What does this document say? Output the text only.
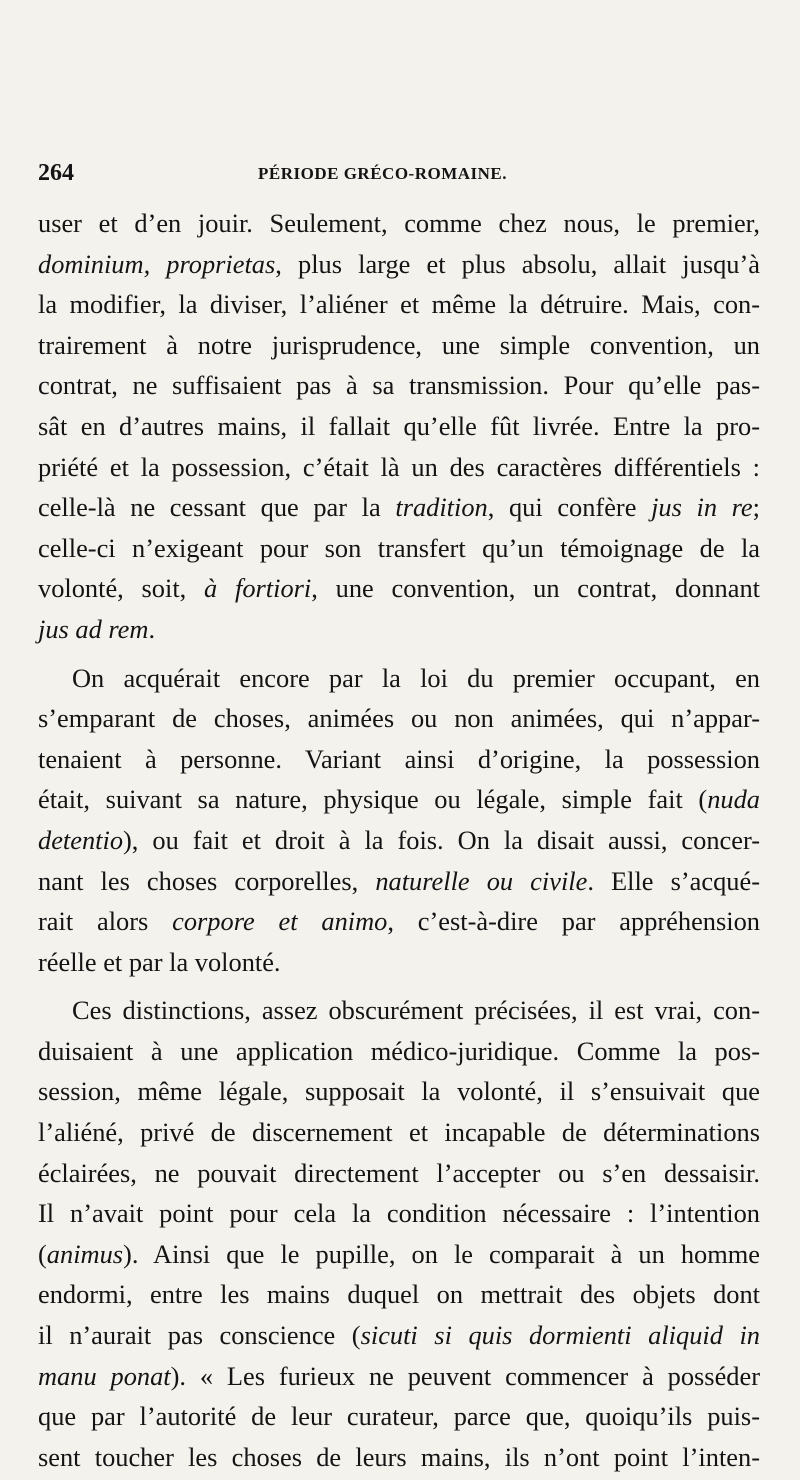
264	PÉRIODE GRÉCO-ROMAINE.
user et d’en jouir. Seulement, comme chez nous, le premier,
dominium, proprietas, plus large et plus absolu, allait jusqu’à
la modifier, la diviser, l’aliéner et même la détruire. Mais, con-
trairement à notre jurisprudence, une simple convention, un
contrat, ne suffisaient pas à sa transmission. Pour qu’elle pas-
sât en d’autres mains, il fallait qu’elle fût livrée. Entre la pro-
priété et la possession, c’était là un des caractères différentiels :
celle-là ne cessant que par la tradition, qui confère jus in re;
celle-ci n’exigeant pour son transfert qu’un témoignage de la
volonté, soit, à fortiori, une convention, un contrat, donnant
jus ad rem.
On acquérait encore par la loi du premier occupant, en
s’emparant de choses, animées ou non animées, qui n’appar-
tenaient à personne. Variant ainsi d’origine, la possession
était, suivant sa nature, physique ou légale, simple fait (nuda
detentio), ou fait et droit à la fois. On la disait aussi, concer-
nant les choses corporelles, naturelle ou civile. Elle s’acqué-
rait alors corpore et animo, c’est-à-dire par appréhension
réelle et par la volonté.
Ces distinctions, assez obscurément précisées, il est vrai, con-
duisaient à une application médico-juridique. Comme la pos-
session, même légale, supposait la volonté, il s’ensuivait que
l’aliéné, privé de discernement et incapable de déterminations
éclairées, ne pouvait directement l’accepter ou s’en dessaisir.
Il n’avait point pour cela la condition nécessaire : l’intention
(animus). Ainsi que le pupille, on le comparait à un homme
endormi, entre les mains duquel on mettrait des objets dont
il n’aurait pas conscience (sicuti si quis dormienti aliquid in
manu ponat). « Les furieux ne peuvent commencer à posséder
que par l’autorité de leur curateur, parce que, quoiqu’ils puis-
sent toucher les choses de leurs mains, ils n’ont point l’inten-
